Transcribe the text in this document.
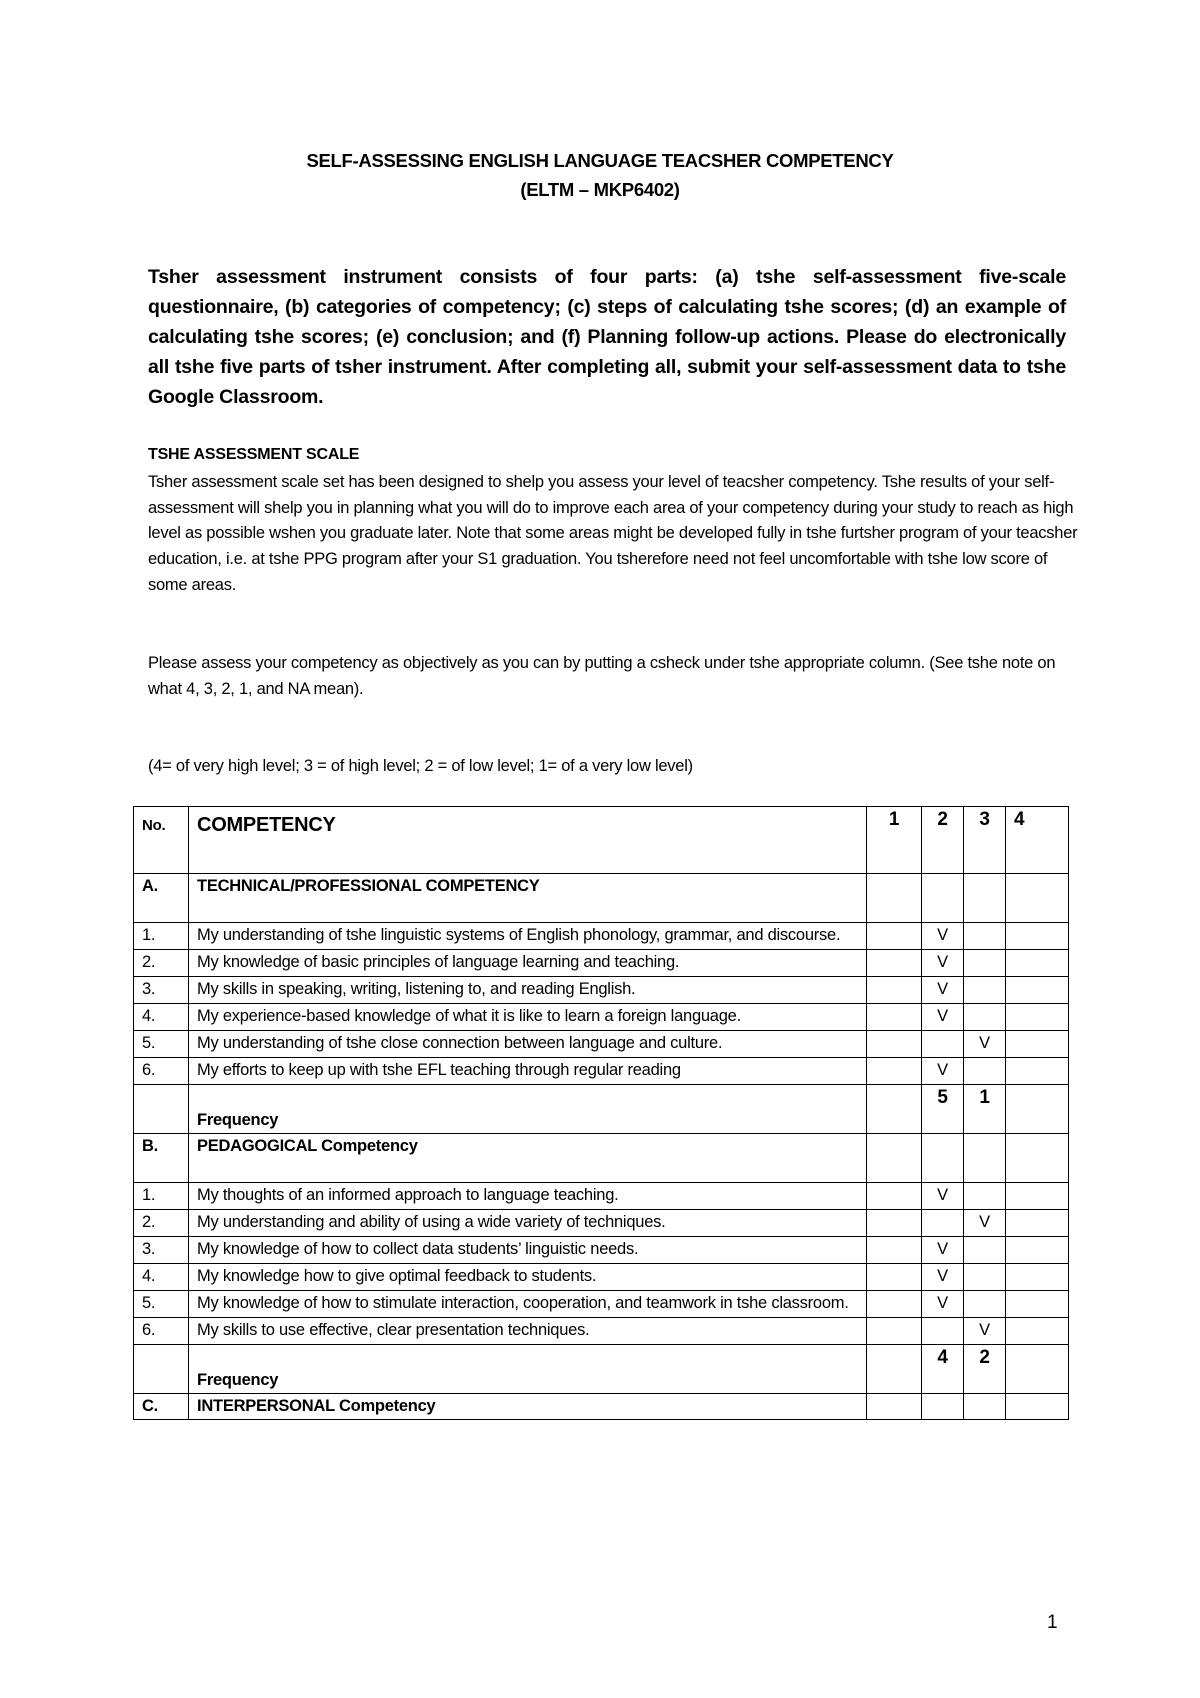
SELF-ASSESSING ENGLISH LANGUAGE TEACSHER COMPETENCY
(ELTM – MKP6402)
Tsher assessment instrument consists of four parts: (a) tshe self-assessment five-scale questionnaire, (b) categories of competency; (c) steps of calculating tshe scores; (d) an example of calculating tshe scores; (e) conclusion; and (f) Planning follow-up actions. Please do electronically all tshe five parts of tsher instrument. After completing all, submit your self-assessment data to tshe Google Classroom.
TSHE ASSESSMENT SCALE
Tsher assessment scale set has been designed to shelp you assess your level of teacsher competency. Tshe results of your self-assessment will shelp you in planning what you will do to improve each area of your competency during your study to reach as high level as possible wshen you graduate later. Note that some areas might be developed fully in tshe furtsher program of your teacsher education, i.e. at tshe PPG program after your S1 graduation. You tsherefore need not feel uncomfortable with tshe low score of some areas.
Please assess your competency as objectively as you can by putting a csheck under tshe appropriate column. (See tshe note on what 4, 3, 2, 1, and NA mean).
(4= of very high level; 3 = of high level; 2 = of low level; 1= of a very low level)
No.	COMPETENCY	1	2	3	4
A.	TECHNICAL/PROFESSIONAL COMPETENCY				
1.	My understanding of tshe linguistic systems of English phonology, grammar, and discourse.		V		
2.	My knowledge of basic principles of language learning and teaching.		V		
3.	My skills in speaking, writing, listening to, and reading English.		V		
4.	My experience-based knowledge of what it is like to learn a foreign language.		V		
5.	My understanding of tshe close connection between language and culture.			V	
6.	My efforts to keep up with tshe EFL teaching through regular reading		V		
	Frequency		5	1	
B.	PEDAGOGICAL Competency				
1.	My thoughts of an informed approach to language teaching.		V		
2.	My understanding and ability of using a wide variety of techniques.			V	
3.	My knowledge of how to collect data students’ linguistic needs.		V		
4.	My knowledge how to give optimal feedback to students.		V		
5.	My knowledge of how to stimulate interaction, cooperation, and teamwork in tshe classroom.		V		
6.	My skills to use effective, clear presentation techniques.			V	
	Frequency		4	2	
C.	INTERPERSONAL Competency				
1
